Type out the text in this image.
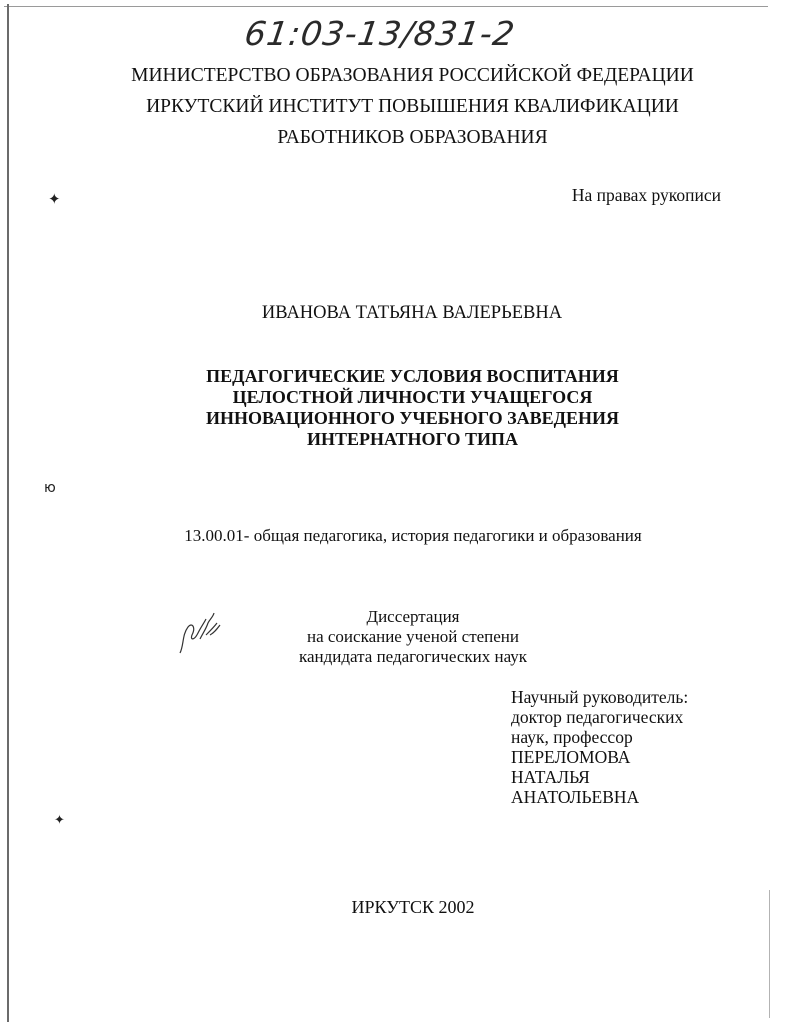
61:03-13/831-2
МИНИСТЕРСТВО ОБРАЗОВАНИЯ РОССИЙСКОЙ ФЕДЕРАЦИИ
ИРКУТСКИЙ ИНСТИТУТ ПОВЫШЕНИЯ КВАЛИФИКАЦИИ
РАБОТНИКОВ ОБРАЗОВАНИЯ
На правах рукописи
ИВАНОВА ТАТЬЯНА ВАЛЕРЬЕВНА
ПЕДАГОГИЧЕСКИЕ УСЛОВИЯ ВОСПИТАНИЯ
ЦЕЛОСТНОЙ ЛИЧНОСТИ УЧАЩЕГОСЯ
ИННОВАЦИОННОГО УЧЕБНОГО ЗАВЕДЕНИЯ
ИНТЕРНАТНОГО ТИПА
13.00.01- общая педагогика, история педагогики и образования
Диссертация
на соискание ученой степени
кандидата педагогических наук
Научный руководитель:
доктор педагогических
наук, профессор
ПЕРЕЛОМОВА
НАТАЛЬЯ
АНАТОЛЬЕВНА
ИРКУТСК 2002
✦
ю
✦
